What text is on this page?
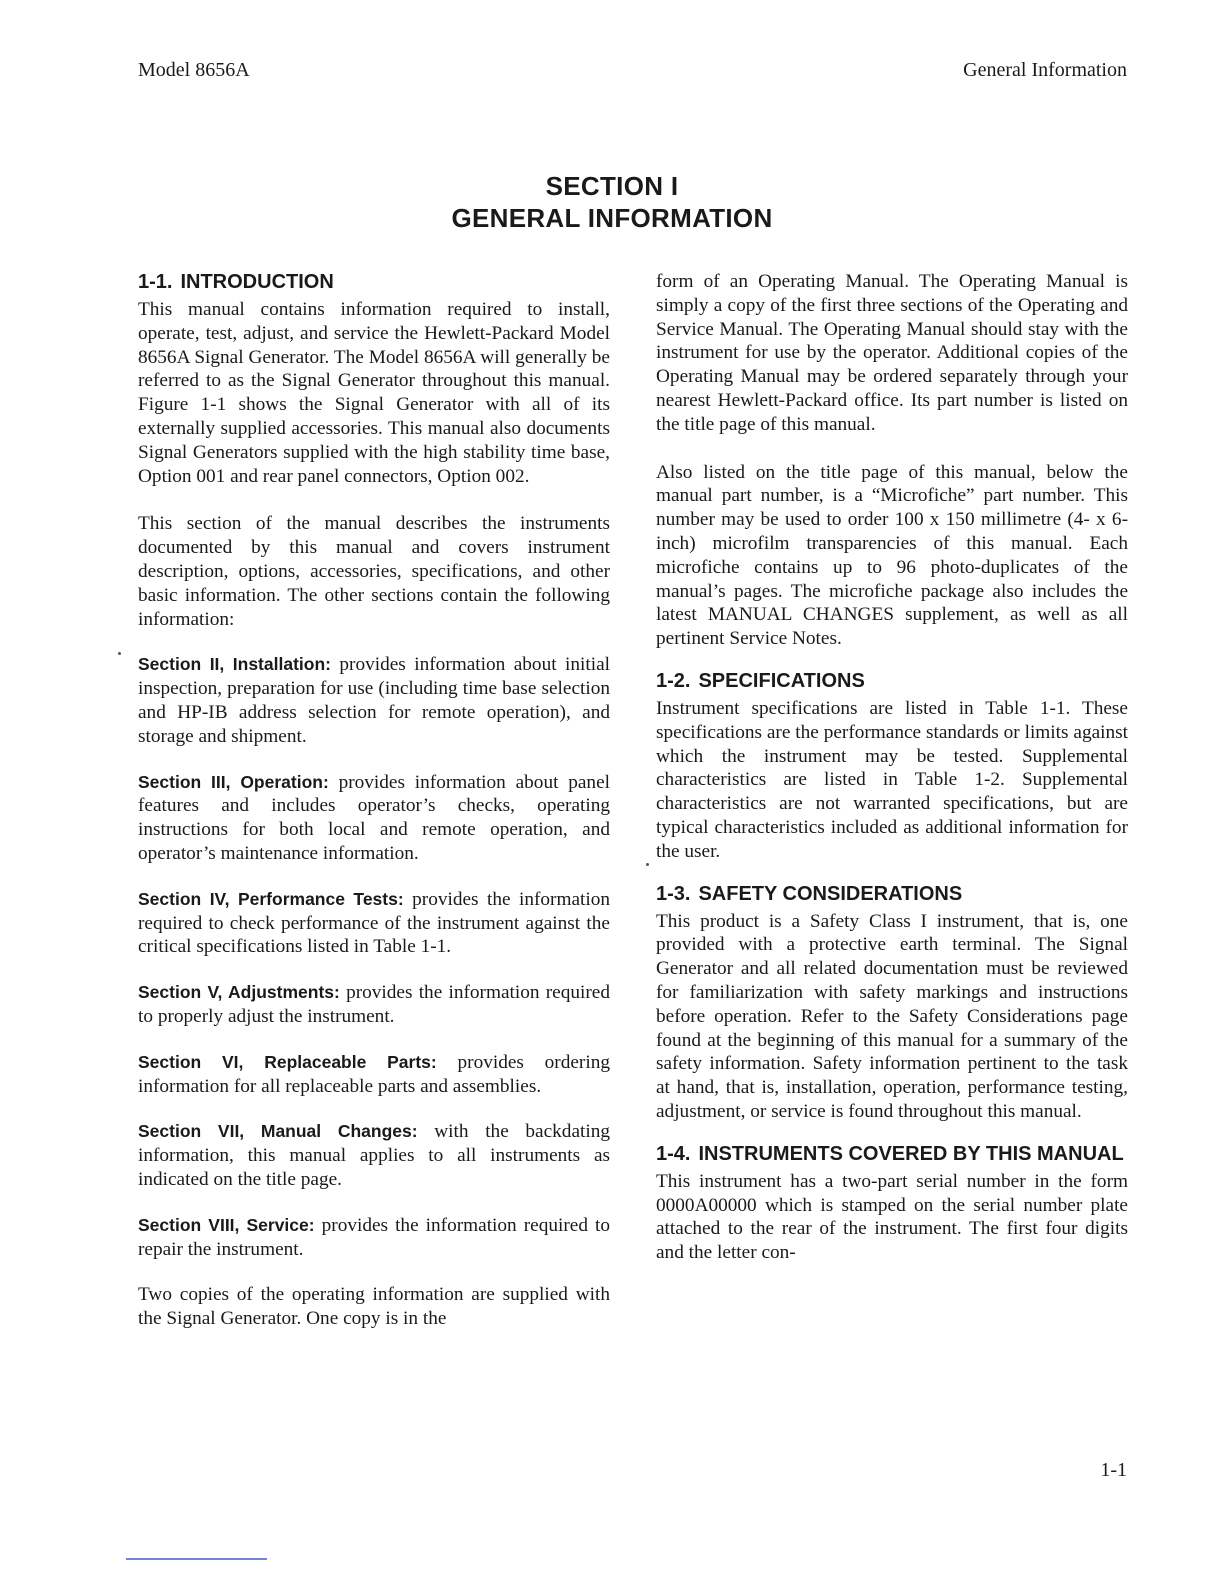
Model 8656A	General Information
SECTION I
GENERAL INFORMATION
1-1. INTRODUCTION

This manual contains information required to install, operate, test, adjust, and service the Hewlett-Packard Model 8656A Signal Generator. The Model 8656A will generally be referred to as the Signal Generator throughout this manual. Figure 1-1 shows the Signal Generator with all of its externally supplied accessories. This manual also documents Signal Generators supplied with the high stability time base, Option 001 and rear panel connectors, Option 002.

This section of the manual describes the instruments documented by this manual and covers instrument description, options, accessories, specifications, and other basic information. The other sections contain the following information:

Section II, Installation: provides information about initial inspection, preparation for use (including time base selection and HP-IB address selection for remote operation), and storage and shipment.

Section III, Operation: provides information about panel features and includes operator’s checks, operating instructions for both local and remote operation, and operator’s maintenance information.

Section IV, Performance Tests: provides the information required to check performance of the instrument against the critical specifications listed in Table 1-1.

Section V, Adjustments: provides the information required to properly adjust the instrument.

Section VI, Replaceable Parts: provides ordering information for all replaceable parts and assemblies.

Section VII, Manual Changes: with the backdating information, this manual applies to all instruments as indicated on the title page.

Section VIII, Service: provides the information required to repair the instrument.

Two copies of the operating information are supplied with the Signal Generator. One copy is in the

form of an Operating Manual. The Operating Manual is simply a copy of the first three sections of the Operating and Service Manual. The Operating Manual should stay with the instrument for use by the operator. Additional copies of the Operating Manual may be ordered separately through your nearest Hewlett-Packard office. Its part number is listed on the title page of this manual.

Also listed on the title page of this manual, below the manual part number, is a “Microfiche” part number. This number may be used to order 100 x 150 millimetre (4- x 6-inch) microfilm transparencies of this manual. Each microfiche contains up to 96 photo-duplicates of the manual’s pages. The microfiche package also includes the latest MANUAL CHANGES supplement, as well as all pertinent Service Notes.

1-2. SPECIFICATIONS

Instrument specifications are listed in Table 1-1. These specifications are the performance standards or limits against which the instrument may be tested. Supplemental characteristics are listed in Table 1-2. Supplemental characteristics are not warranted specifications, but are typical characteristics included as additional information for the user.

1-3. SAFETY CONSIDERATIONS

This product is a Safety Class I instrument, that is, one provided with a protective earth terminal. The Signal Generator and all related documentation must be reviewed for familiarization with safety markings and instructions before operation. Refer to the Safety Considerations page found at the beginning of this manual for a summary of the safety information. Safety information pertinent to the task at hand, that is, installation, operation, performance testing, adjustment, or service is found throughout this manual.

1-4. INSTRUMENTS COVERED BY THIS MANUAL

This instrument has a two-part serial number in the form 0000A00000 which is stamped on the serial number plate attached to the rear of the instrument. The first four digits and the letter con-

1-1
